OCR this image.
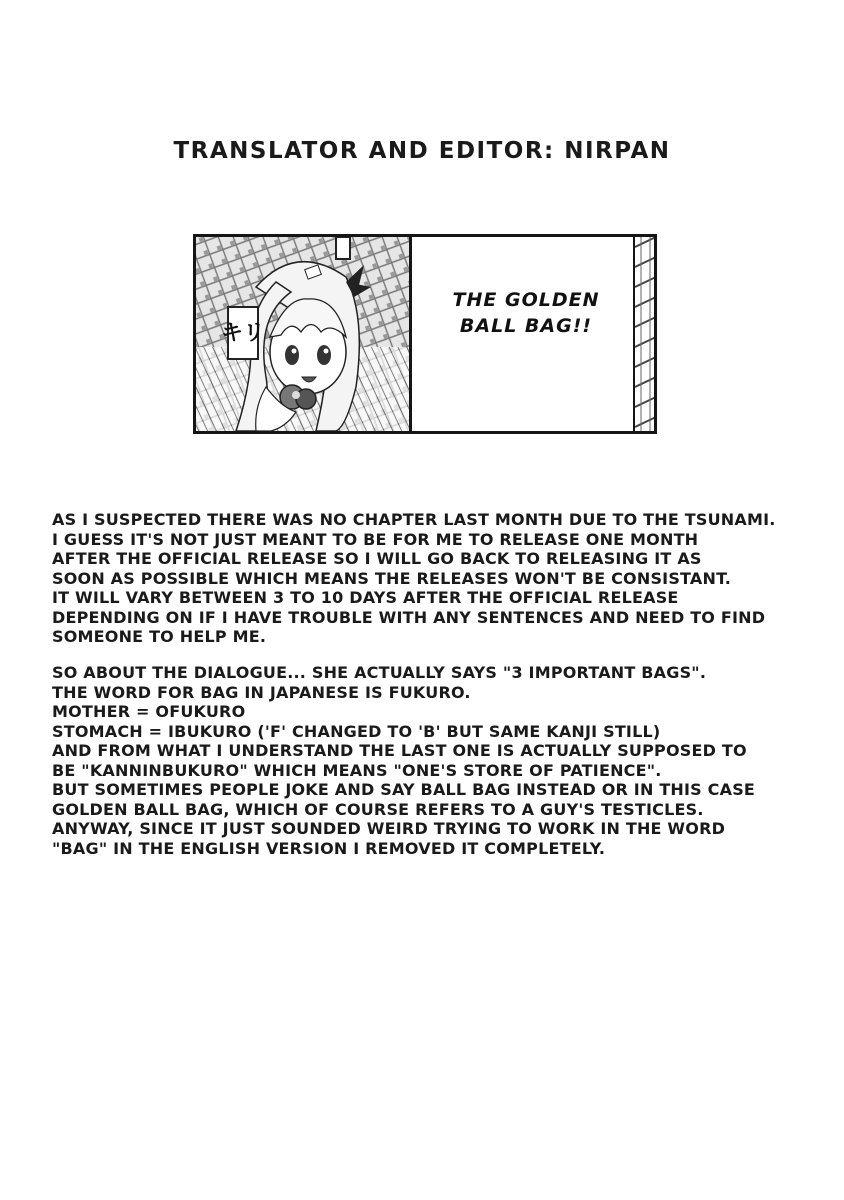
TRANSLATOR AND EDITOR: NIRPAN
キリ
THE GOLDEN
BALL BAG!!
AS I SUSPECTED THERE WAS NO CHAPTER LAST MONTH DUE TO THE TSUNAMI.
I GUESS IT'S NOT JUST MEANT TO BE FOR ME TO RELEASE ONE MONTH
AFTER THE OFFICIAL RELEASE SO I WILL GO BACK TO RELEASING IT AS
SOON AS POSSIBLE WHICH MEANS THE RELEASES WON'T BE CONSISTANT.
IT WILL VARY BETWEEN 3 TO 10 DAYS AFTER THE OFFICIAL RELEASE
DEPENDING ON IF I HAVE TROUBLE WITH ANY SENTENCES AND NEED TO FIND
SOMEONE TO HELP ME.
SO ABOUT THE DIALOGUE... SHE ACTUALLY SAYS "3 IMPORTANT BAGS".
THE WORD FOR BAG IN JAPANESE IS FUKURO.
MOTHER = OFUKURO
STOMACH = IBUKURO ('F' CHANGED TO 'B' BUT SAME KANJI STILL)
AND FROM WHAT I UNDERSTAND THE LAST ONE IS ACTUALLY SUPPOSED TO
BE "KANNINBUKURO" WHICH MEANS "ONE'S STORE OF PATIENCE".
BUT SOMETIMES PEOPLE JOKE AND SAY BALL BAG INSTEAD OR IN THIS CASE
GOLDEN BALL BAG, WHICH OF COURSE REFERS TO A GUY'S TESTICLES.
ANYWAY, SINCE IT JUST SOUNDED WEIRD TRYING TO WORK IN THE WORD
"BAG" IN THE ENGLISH VERSION I REMOVED IT COMPLETELY.
